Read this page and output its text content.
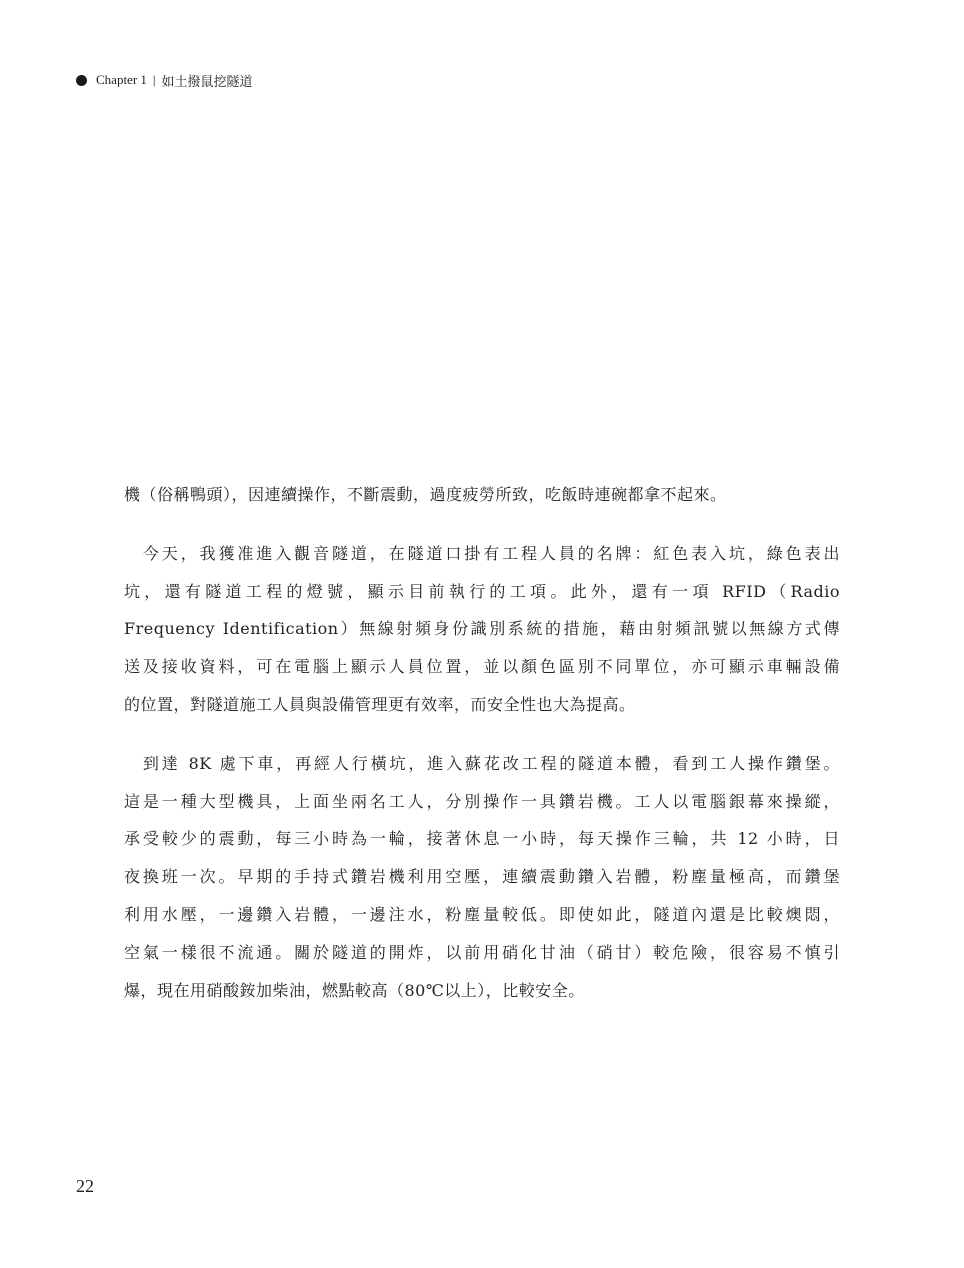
Chapter 1 | 如土撥鼠挖隧道
機（俗稱鴨頭），因連續操作，不斷震動，過度疲勞所致，吃飯時連碗都拿不起來。
　今天，我獲准進入觀音隧道，在隧道口掛有工程人員的名牌：紅色表入坑，綠色表出
坑，還有隧道工程的燈號，顯示目前執行的工項。此外，還有一項 RFID（Radio
Frequency Identification）無線射頻身份識別系統的措施，藉由射頻訊號以無線方式傳
送及接收資料，可在電腦上顯示人員位置，並以顏色區別不同單位，亦可顯示車輛設備
的位置，對隧道施工人員與設備管理更有效率，而安全性也大為提高。
　到達 8K 處下車，再經人行橫坑，進入蘇花改工程的隧道本體，看到工人操作鑽堡。
這是一種大型機具，上面坐兩名工人，分別操作一具鑽岩機。工人以電腦銀幕來操縱，
承受較少的震動，每三小時為一輪，接著休息一小時，每天操作三輪，共 12 小時，日
夜換班一次。早期的手持式鑽岩機利用空壓，連續震動鑽入岩體，粉塵量極高，而鑽堡
利用水壓，一邊鑽入岩體，一邊注水，粉塵量較低。即使如此，隧道內還是比較燠悶，
空氣一樣很不流通。關於隧道的開炸，以前用硝化甘油（硝甘）較危險，很容易不慎引
爆，現在用硝酸銨加柴油，燃點較高（80℃以上），比較安全。
22
